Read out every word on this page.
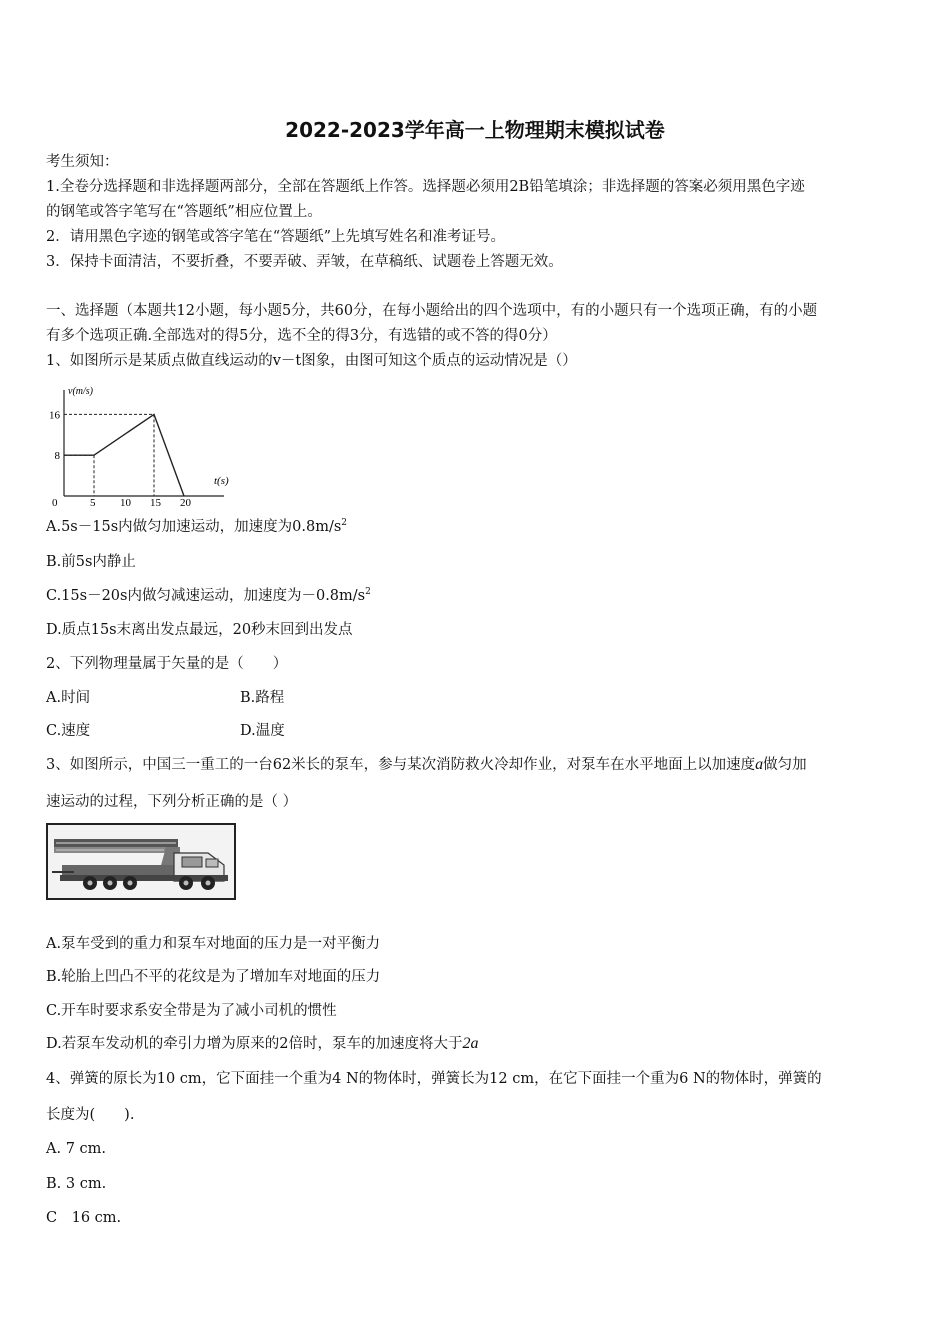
2022-2023学年高一上物理期末模拟试卷
考生须知：
1.全卷分选择题和非选择题两部分，全部在答题纸上作答。选择题必须用2B铅笔填涂；非选择题的答案必须用黑色字迹
的钢笔或答字笔写在“答题纸”相应位置上。
2．请用黑色字迹的钢笔或答字笔在“答题纸”上先填写姓名和准考证号。
3．保持卡面清洁，不要折叠，不要弄破、弄皱，在草稿纸、试题卷上答题无效。
一、选择题（本题共12小题，每小题5分，共60分，在每小题给出的四个选项中，有的小题只有一个选项正确，有的小题
有多个选项正确.全部选对的得5分，选不全的得3分，有选错的或不答的得0分）
1、如图所示是某质点做直线运动的v－t图象，由图可知这个质点的运动情况是（）
0	5 10 15 20
8
16
v(m/s)
t(s)
A.5s－15s内做匀加速运动，加速度为$0.8m/s^2$
B.前5s内静止
C.15s－20s内做匀减速运动，加速度为$-0.8m/s^2$
D.质点15s末离出发点最远，20秒末回到出发点
2、下列物理量属于矢量的是（　　）
A.时间	B.路程
C.速度	D.温度
3、如图所示，中国三一重工的一台62米长的泵车，参与某次消防救火冷却作业，对泵车在水平地面上以加速度a做匀加
速运动的过程，下列分析正确的是（ ）
A.泵车受到的重力和泵车对地面的压力是一对平衡力
B.轮胎上凹凸不平的花纹是为了增加车对地面的压力
C.开车时要求系安全带是为了减小司机的惯性
D.若泵车发动机的牵引力增为原来的2倍时，泵车的加速度将大于2a
4、弹簧的原长为10 cm，它下面挂一个重为4 N的物体时，弹簧长为12 cm，在它下面挂一个重为6 N的物体时，弹簧的
长度为(　　).
A. 7 cm.
B. 3 cm.
C　16 cm.
